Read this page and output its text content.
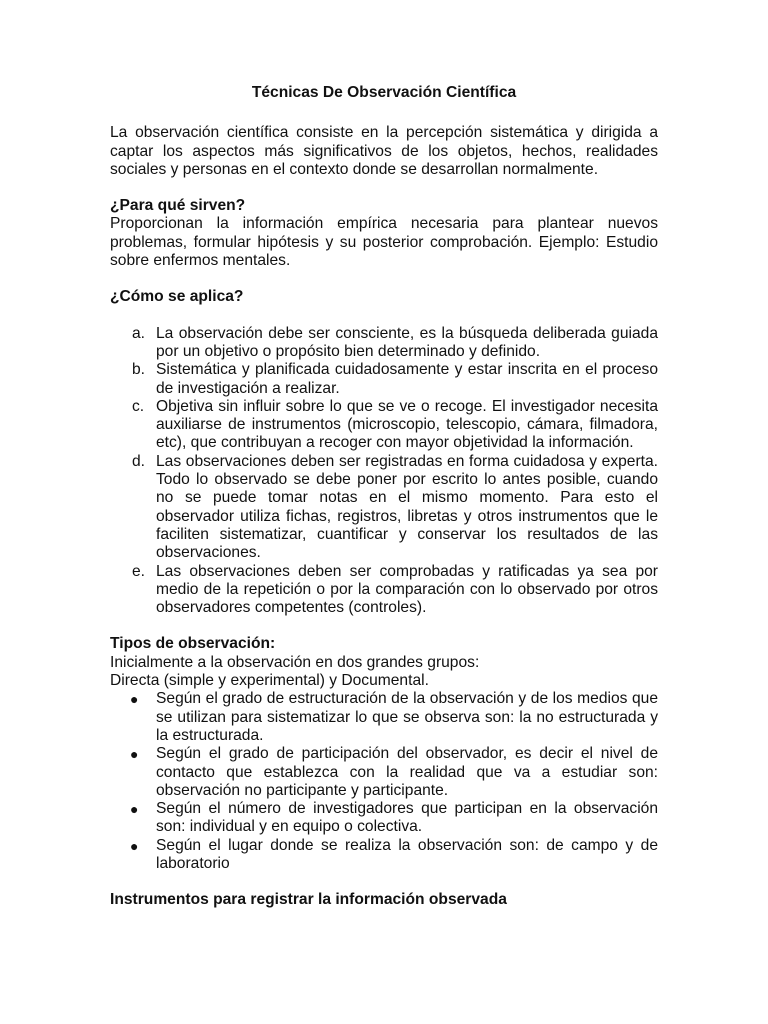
Técnicas De Observación Científica

La observación científica consiste en la percepción sistemática y dirigida a captar los aspectos más significativos de los objetos, hechos, realidades sociales y personas en el contexto donde se desarrollan normalmente.

¿Para qué sirven?

Proporcionan la información empírica necesaria para plantear nuevos problemas, formular hipótesis y su posterior comprobación. Ejemplo: Estudio sobre enfermos mentales.

¿Cómo se aplica?

a. La observación debe ser consciente, es la búsqueda deliberada guiada por un objetivo o propósito bien determinado y definido.
b. Sistemática y planificada cuidadosamente y estar inscrita en el proceso de investigación a realizar.
c. Objetiva sin influir sobre lo que se ve o recoge. El investigador necesita auxiliarse de instrumentos (microscopio, telescopio, cámara, filmadora, etc), que contribuyan a recoger con mayor objetividad la información.
d. Las observaciones deben ser registradas en forma cuidadosa y experta. Todo lo observado se debe poner por escrito lo antes posible, cuando no se puede tomar notas en el mismo momento. Para esto el observador utiliza fichas, registros, libretas y otros instrumentos que le faciliten sistematizar, cuantificar y conservar los resultados de las observaciones.
e. Las observaciones deben ser comprobadas y ratificadas ya sea por medio de la repetición o por la comparación con lo observado por otros observadores competentes (controles).

Tipos de observación:

Inicialmente a la observación en dos grandes grupos:

Directa (simple y experimental) y Documental.

● Según el grado de estructuración de la observación y de los medios que se utilizan para sistematizar lo que se observa son: la no estructurada y la estructurada.
● Según el grado de participación del observador, es decir el nivel de contacto que establezca con la realidad que va a estudiar son: observación no participante y participante.
● Según el número de investigadores que participan en la observación son: individual y en equipo o colectiva.
● Según el lugar donde se realiza la observación son: de campo y de laboratorio

Instrumentos para registrar la información observada
